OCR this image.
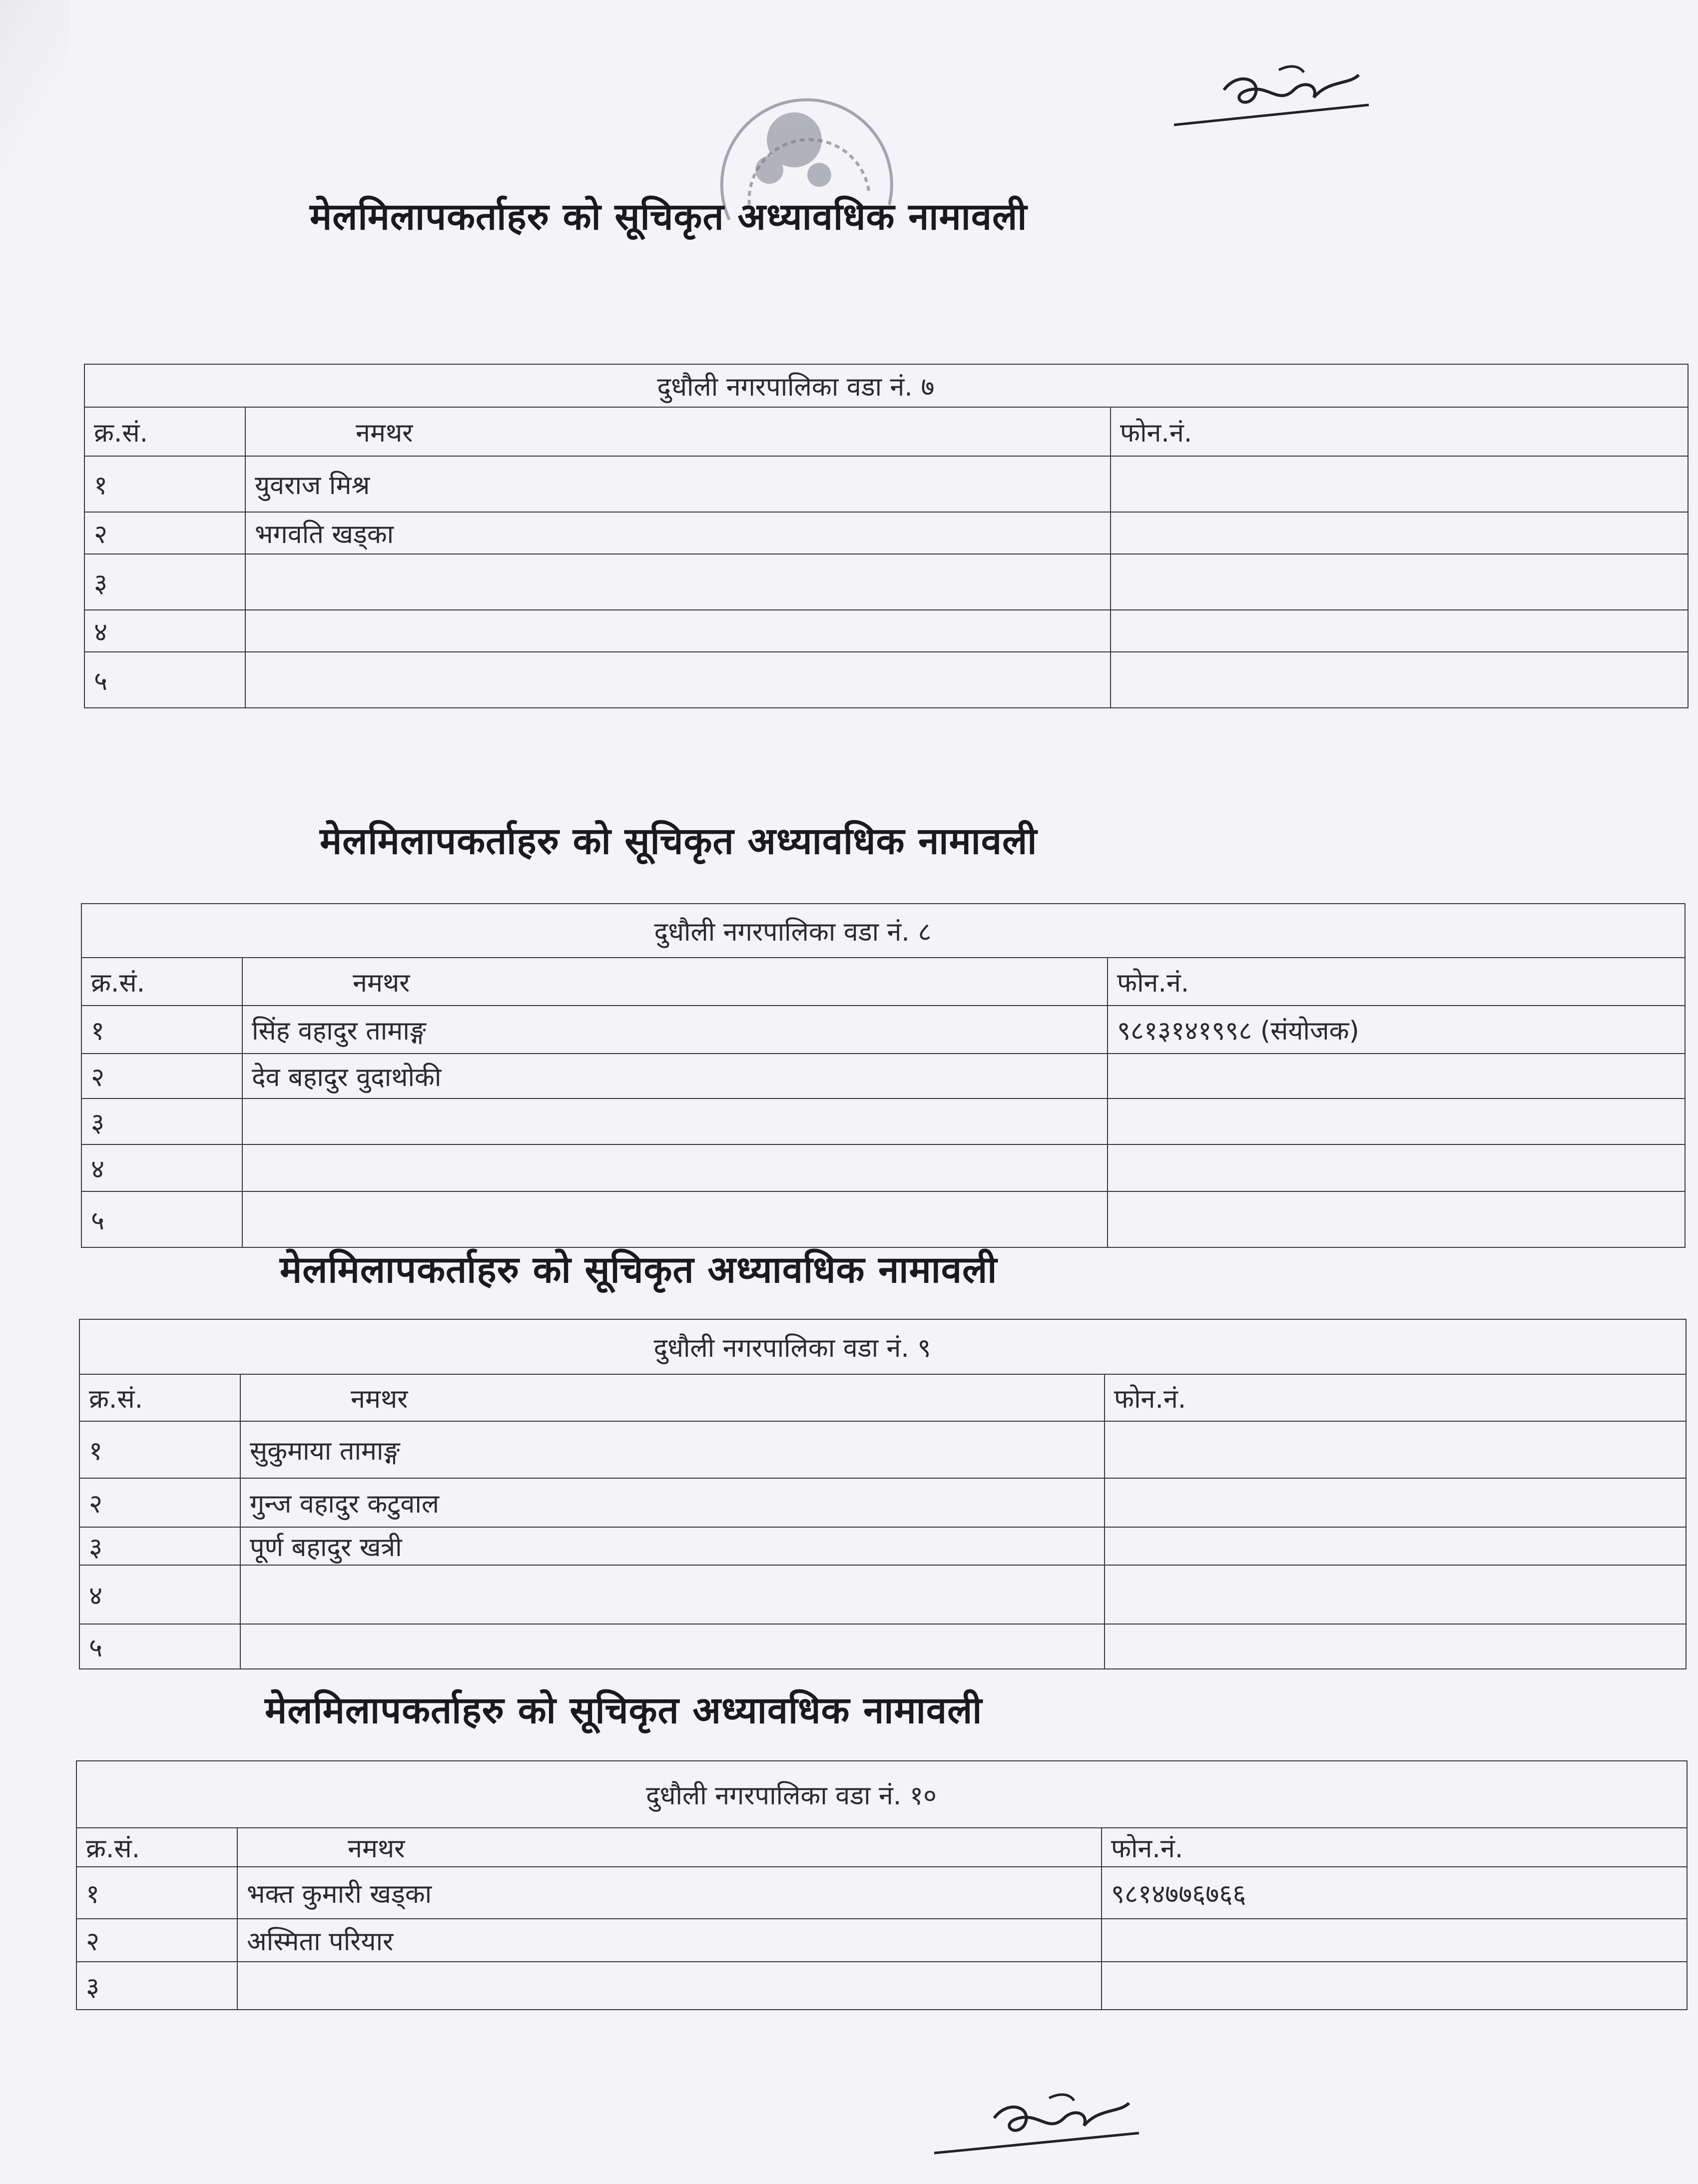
मेलमिलापकर्ताहरु को सूचिकृत अध्यावधिक नामावली
दुधौली नगरपालिका वडा नं. ७		
क्र.सं.	नमथर	फोन.नं.
१	युवराज मिश्र	
२	भगवति खड्का	
३		
४		
५		
मेलमिलापकर्ताहरु को सूचिकृत अध्यावधिक नामावली
दुधौली नगरपालिका वडा नं. ८		
क्र.सं.	नमथर	फोन.नं.
१	सिंह वहादुर तामाङ्ग	९८१३१४१९९८ (संयोजक)
२	देव बहादुर वुदाथोकी	
३		
४		
५		
मेलमिलापकर्ताहरु को सूचिकृत अध्यावधिक नामावली
दुधौली नगरपालिका वडा नं. ९		
क्र.सं.	नमथर	फोन.नं.
१	सुकुमाया तामाङ्ग	
२	गुन्ज वहादुर कटुवाल	
३	पूर्ण बहादुर खत्री	
४		
५		
मेलमिलापकर्ताहरु को सूचिकृत अध्यावधिक नामावली
दुधौली नगरपालिका वडा नं. १०		
क्र.सं.	नमथर	फोन.नं.
१	भक्त कुमारी खड्का	९८१४७७६७६६
२	अस्मिता परियार	
३		
